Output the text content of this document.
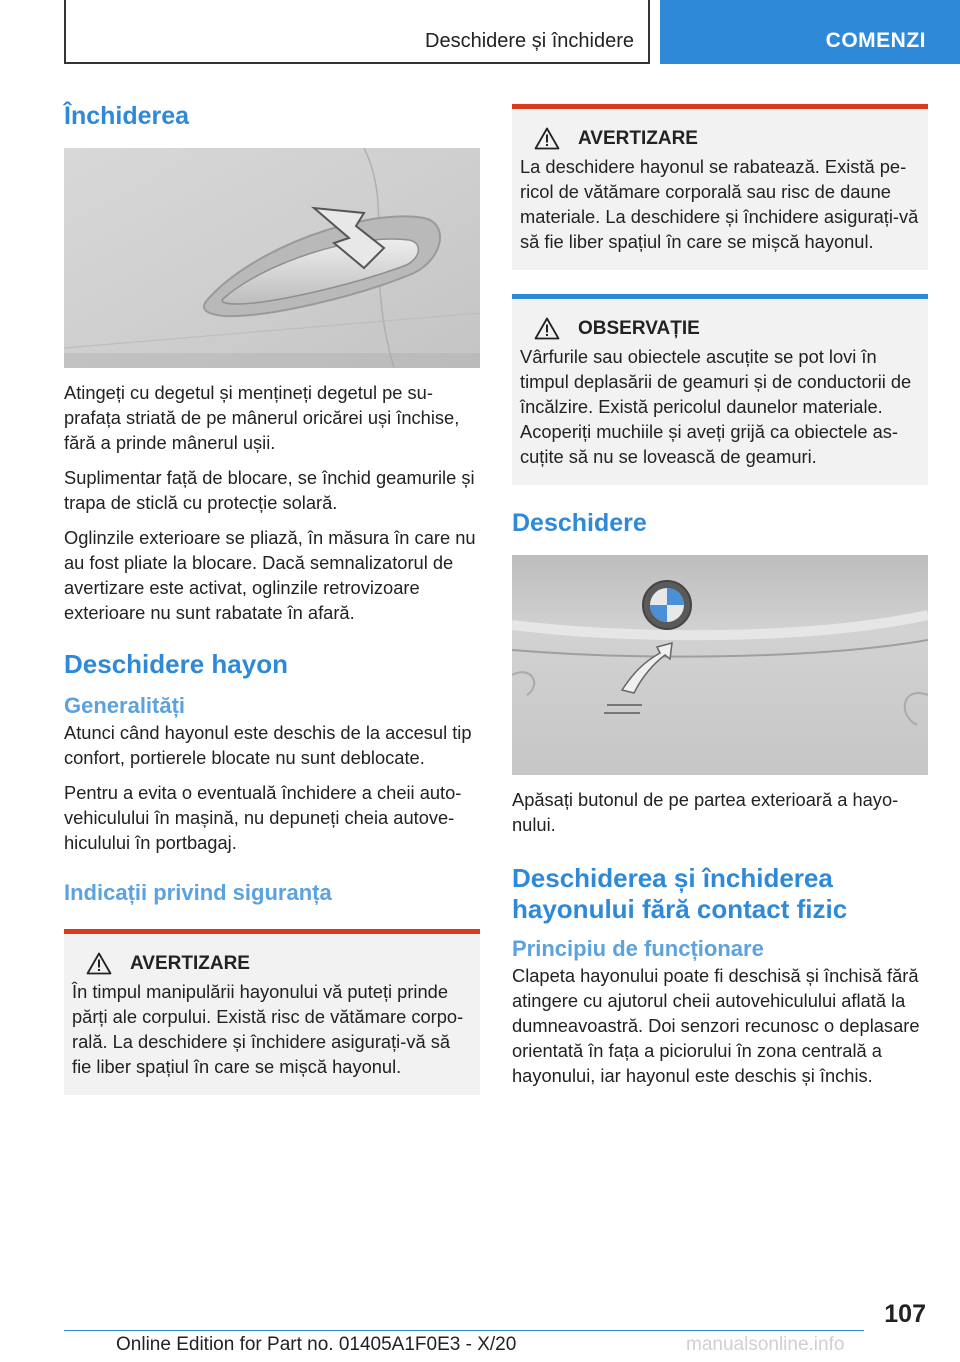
Deschidere și închidere	COMENZI
Închiderea

Atingeți cu degetul și mențineți degetul pe su-prafața striată de pe mânerul oricărei uși închise, fără a prinde mânerul ușii.

Suplimentar față de blocare, se închid geamurile și trapa de sticlă cu protecție solară.

Oglinzile exterioare se pliază, în măsura în care nu au fost pliate la blocare. Dacă semnalizatorul de avertizare este activat, oglinzile retrovizoare exterioare nu sunt rabatate în afară.

Deschidere hayon
Generalități

Atunci când hayonul este deschis de la accesul tip confort, portierele blocate nu sunt deblocate.

Pentru a evita o eventuală închidere a cheii auto-vehiculului în mașină, nu depuneți cheia autove-hiculului în portbagaj.

Indicații privind siguranța
AVERTIZARE
În timpul manipulării hayonului vă puteți prinde părți ale corpului. Există risc de vătămare corpo-rală. La deschidere și închidere asigurați-vă să fie liber spațiul în care se mișcă hayonul.
AVERTIZARE
La deschidere hayonul se rabatează. Există pe-ricol de vătămare corporală sau risc de daune materiale. La deschidere și închidere asigurați-vă să fie liber spațiul în care se mișcă hayonul.
OBSERVAȚIE
Vârfurile sau obiectele ascuțite se pot lovi în timpul deplasării de geamuri și de conductorii de încălzire. Există pericolul daunelor materiale. Acoperiți muchiile și aveți grijă ca obiectele as-cuțite să nu se lovească de geamuri.
Deschidere

Apăsați butonul de pe partea exterioară a hayo-nului.

Deschiderea și închiderea hayonului fără contact fizic
Principiu de funcționare

Clapeta hayonului poate fi deschisă și închisă fără atingere cu ajutorul cheii autovehiculului aflată la dumneavoastră. Doi senzori recunosc o deplasare orientată în fața a piciorului în zona centrală a hayonului, iar hayonul este deschis și închis.

107
Online Edition for Part no. 01405A1F0E3 - X/20	manualsonline.info
